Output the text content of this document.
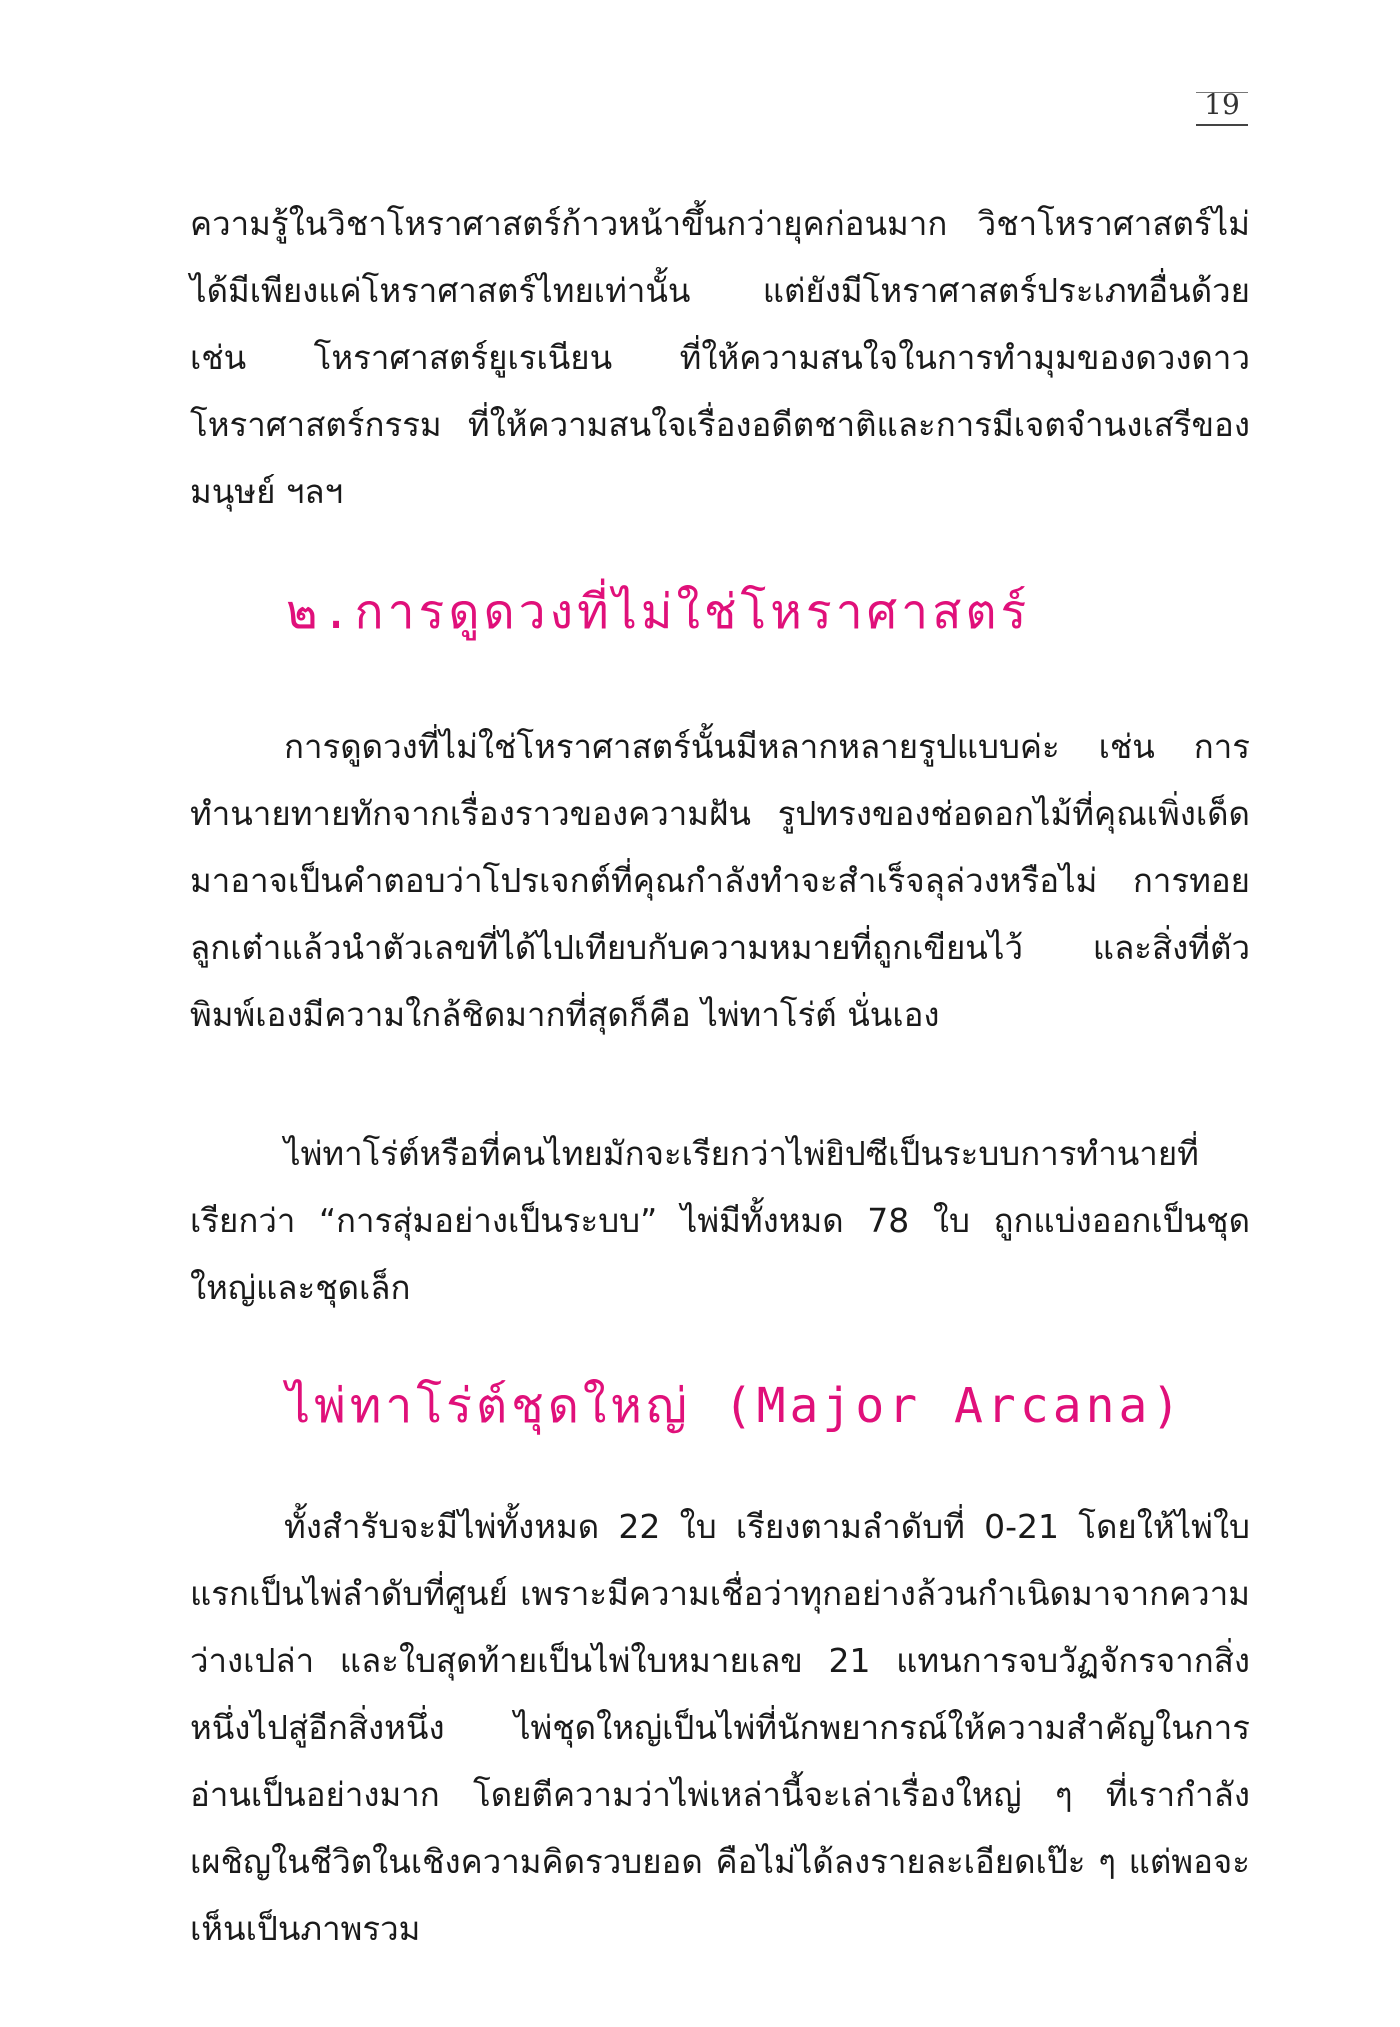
19

ความรู้ในวิชาโหราศาสตร์ก้าวหน้าขึ้นกว่ายุคก่อนมาก วิชาโหราศาสตร์ไม่ได้มีเพียงแค่โหราศาสตร์ไทยเท่านั้น แต่ยังมีโหราศาสตร์ประเภทอื่นด้วย เช่น โหราศาสตร์ยูเรเนียน ที่ให้ความสนใจในการทำมุมของดวงดาว โหราศาสตร์กรรม ที่ให้ความสนใจเรื่องอดีตชาติและการมีเจตจำนงเสรีของมนุษย์ ฯลฯ

๒.การดูดวงที่ไม่ใช่โหราศาสตร์

การดูดวงที่ไม่ใช่โหราศาสตร์นั้นมีหลากหลายรูปแบบค่ะ เช่น การทำนายทายทักจากเรื่องราวของความฝัน รูปทรงของช่อดอกไม้ที่คุณเพิ่งเด็ดมาอาจเป็นคำตอบว่าโปรเจกต์ที่คุณกำลังทำจะสำเร็จลุล่วงหรือไม่ การทอยลูกเต๋าแล้วนำตัวเลขที่ได้ไปเทียบกับความหมายที่ถูกเขียนไว้ และสิ่งที่ตัวพิมพ์เองมีความใกล้ชิดมากที่สุดก็คือ ไพ่ทาโร่ต์ นั่นเอง

ไพ่ทาโร่ต์หรือที่คนไทยมักจะเรียกว่าไพ่ยิปซีเป็นระบบการทำนายที่เรียกว่า “การสุ่มอย่างเป็นระบบ” ไพ่มีทั้งหมด 78 ใบ ถูกแบ่งออกเป็นชุดใหญ่และชุดเล็ก

ไพ่ทาโร่ต์ชุดใหญ่ (Major Arcana)

ทั้งสำรับจะมีไพ่ทั้งหมด 22 ใบ เรียงตามลำดับที่ 0-21 โดยให้ไพ่ใบแรกเป็นไพ่ลำดับที่ศูนย์ เพราะมีความเชื่อว่าทุกอย่างล้วนกำเนิดมาจากความว่างเปล่า และใบสุดท้ายเป็นไพ่ใบหมายเลข 21 แทนการจบวัฏจักรจากสิ่งหนึ่งไปสู่อีกสิ่งหนึ่ง ไพ่ชุดใหญ่เป็นไพ่ที่นักพยากรณ์ให้ความสำคัญในการอ่านเป็นอย่างมาก โดยตีความว่าไพ่เหล่านี้จะเล่าเรื่องใหญ่ ๆ ที่เรากำลังเผชิญในชีวิตในเชิงความคิดรวบยอด คือไม่ได้ลงรายละเอียดเป๊ะ ๆ แต่พอจะเห็นเป็นภาพรวม
